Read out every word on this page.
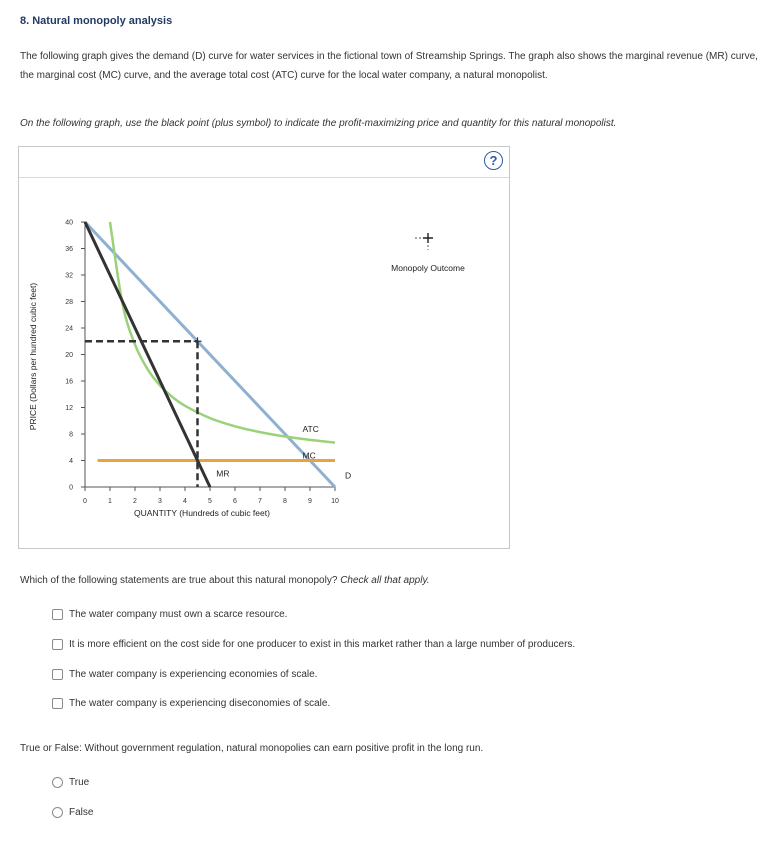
8. Natural monopoly analysis
The following graph gives the demand (D) curve for water services in the fictional town of Streamship Springs. The graph also shows the marginal revenue (MR) curve, the marginal cost (MC) curve, and the average total cost (ATC) curve for the local water company, a natural monopolist.
On the following graph, use the black point (plus symbol) to indicate the profit-maximizing price and quantity for this natural monopolist.
?
0
4
8
12
16
20
24
28
32
36
40
0	1	2	3	4	5	6	7	8	9	10
QUANTITY (Hundreds of cubic feet)
PRICE (Dollars per hundred cubic feet)
MR
ATC
MC
D
Monopoly Outcome
Which of the following statements are true about this natural monopoly? Check all that apply.
The water company must own a scarce resource.
It is more efficient on the cost side for one producer to exist in this market rather than a large number of producers.
The water company is experiencing economies of scale.
The water company is experiencing diseconomies of scale.
True or False: Without government regulation, natural monopolies can earn positive profit in the long run.
True
False
